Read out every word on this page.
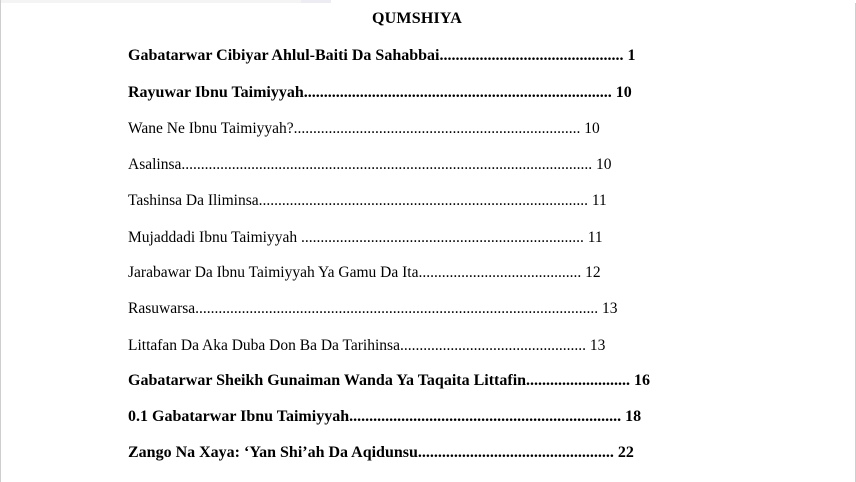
QUMSHIYA
Gabatarwar Cibiyar Ahlul-Baiti Da Sahabbai.............................................. 1
Rayuwar Ibnu Taimiyyah............................................................................. 10
Wane Ne Ibnu Taimiyyah?.......................................................................... 10
Asalinsa.......................................................................................................... 10
Tashinsa Da Iliminsa..................................................................................... 11
Mujaddadi Ibnu Taimiyyah ......................................................................... 11
Jarabawar Da Ibnu Taimiyyah Ya Gamu Da Ita.......................................... 12
Rasuwarsa........................................................................................................ 13
Littafan Da Aka Duba Don Ba Da Tarihinsa................................................ 13
Gabatarwar Sheikh Gunaiman Wanda Ya Taqaita Littafin.......................... 16
0.1 Gabatarwar Ibnu Taimiyyah.................................................................... 18
Zango Na Xaya: ‘Yan Shi’ah Da Aqidunsu................................................. 22
